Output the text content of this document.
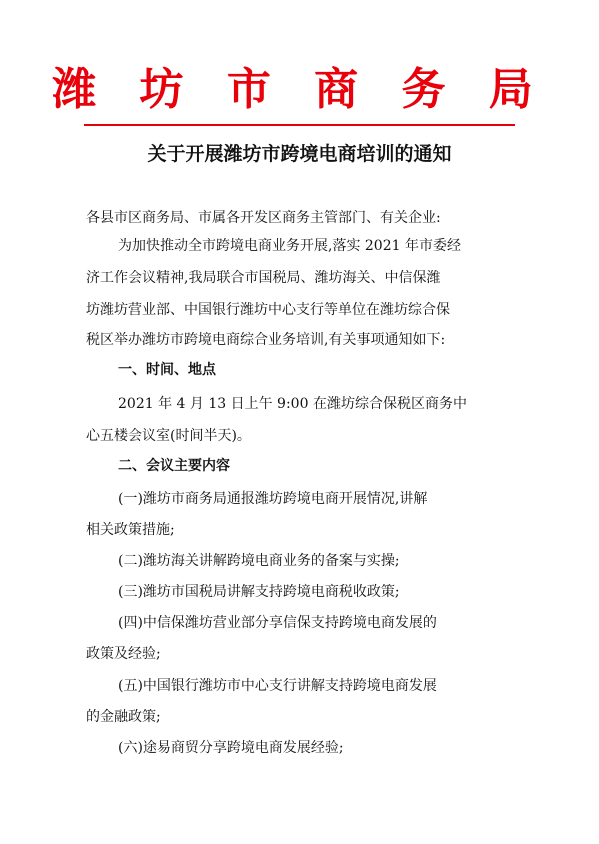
潍 坊 市 商 务 局
关于开展潍坊市跨境电商培训的通知
各县市区商务局、市属各开发区商务主管部门、有关企业:
为加快推动全市跨境电商业务开展,落实 2021 年市委经
济工作会议精神,我局联合市国税局、潍坊海关、中信保潍
坊潍坊营业部、中国银行潍坊中心支行等单位在潍坊综合保
税区举办潍坊市跨境电商综合业务培训,有关事项通知如下:
一、时间、地点
2021 年 4 月 13 日上午 9:00 在潍坊综合保税区商务中
心五楼会议室(时间半天)。
二、会议主要内容
(一)潍坊市商务局通报潍坊跨境电商开展情况,讲解
相关政策措施;
(二)潍坊海关讲解跨境电商业务的备案与实操;
(三)潍坊市国税局讲解支持跨境电商税收政策;
(四)中信保潍坊营业部分享信保支持跨境电商发展的
政策及经验;
(五)中国银行潍坊市中心支行讲解支持跨境电商发展
的金融政策;
(六)途易商贸分享跨境电商发展经验;
